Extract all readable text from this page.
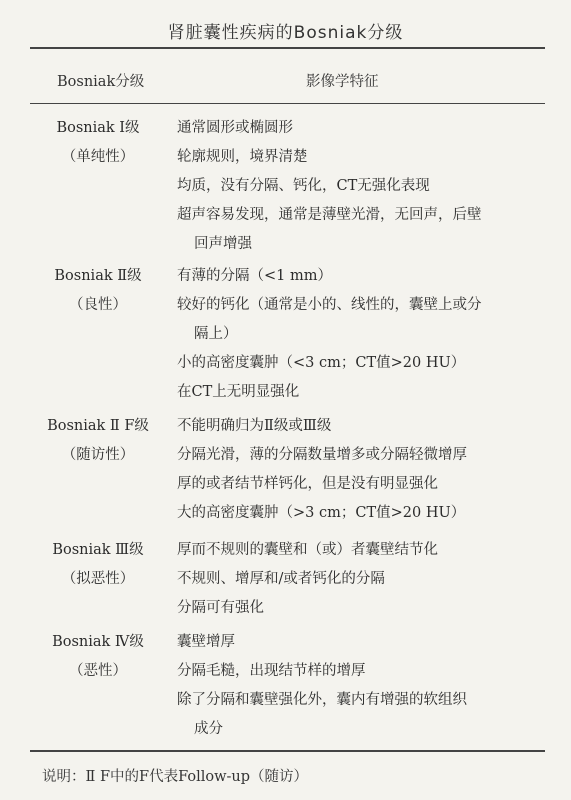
肾脏囊性疾病的Bosniak分级
Bosniak分级	影像学特征
Bosniak Ⅰ级
（单纯性）
通常圆形或椭圆形
轮廓规则，境界清楚
均质，没有分隔、钙化，CT无强化表现
超声容易发现，通常是薄壁光滑，无回声，后壁
回声增强
Bosniak Ⅱ级
（良性）
有薄的分隔（<1 mm）
较好的钙化（通常是小的、线性的，囊壁上或分
隔上）
小的高密度囊肿（<3 cm；CT值>20 HU）
在CT上无明显强化
Bosniak Ⅱ F级
（随访性）
不能明确归为Ⅱ级或Ⅲ级
分隔光滑，薄的分隔数量增多或分隔轻微增厚
厚的或者结节样钙化，但是没有明显强化
大的高密度囊肿（>3 cm；CT值>20 HU）
Bosniak Ⅲ级
（拟恶性）
厚而不规则的囊壁和（或）者囊壁结节化
不规则、增厚和/或者钙化的分隔
分隔可有强化
Bosniak Ⅳ级
（恶性）
囊壁增厚
分隔毛糙，出现结节样的增厚
除了分隔和囊壁强化外，囊内有增强的软组织
成分
说明：Ⅱ F中的F代表Follow-up（随访）
